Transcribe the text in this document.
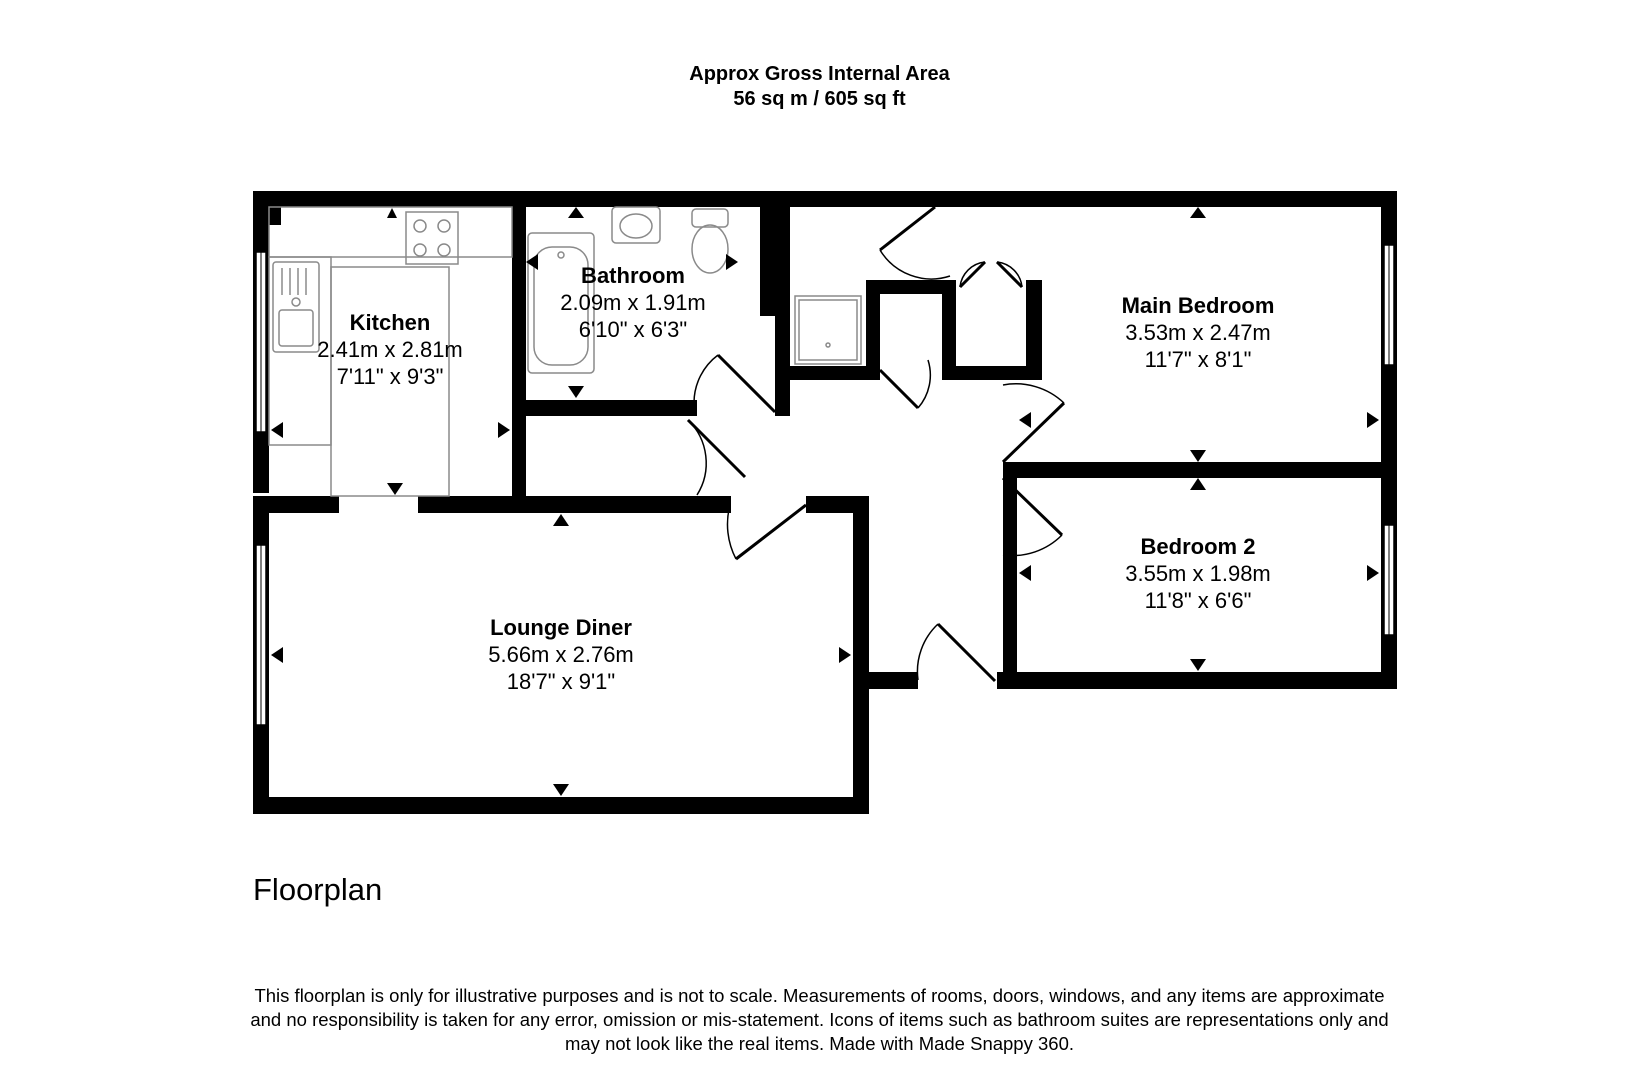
Approx Gross Internal Area
56 sq m / 605 sq ft
Kitchen
2.41m x 2.81m
7'11" x 9'3"
Bathroom
2.09m x 1.91m
6'10" x 6'3"
Main Bedroom
3.53m x 2.47m
11'7" x 8'1"
Bedroom 2
3.55m x 1.98m
11'8" x 6'6"
Lounge Diner
5.66m x 2.76m
18'7" x 9'1"
Floorplan
This floorplan is only for illustrative purposes and is not to scale. Measurements of rooms, doors, windows, and any items are approximate
and no responsibility is taken for any error, omission or mis-statement. Icons of items such as bathroom suites are representations only and
may not look like the real items. Made with Made Snappy 360.
